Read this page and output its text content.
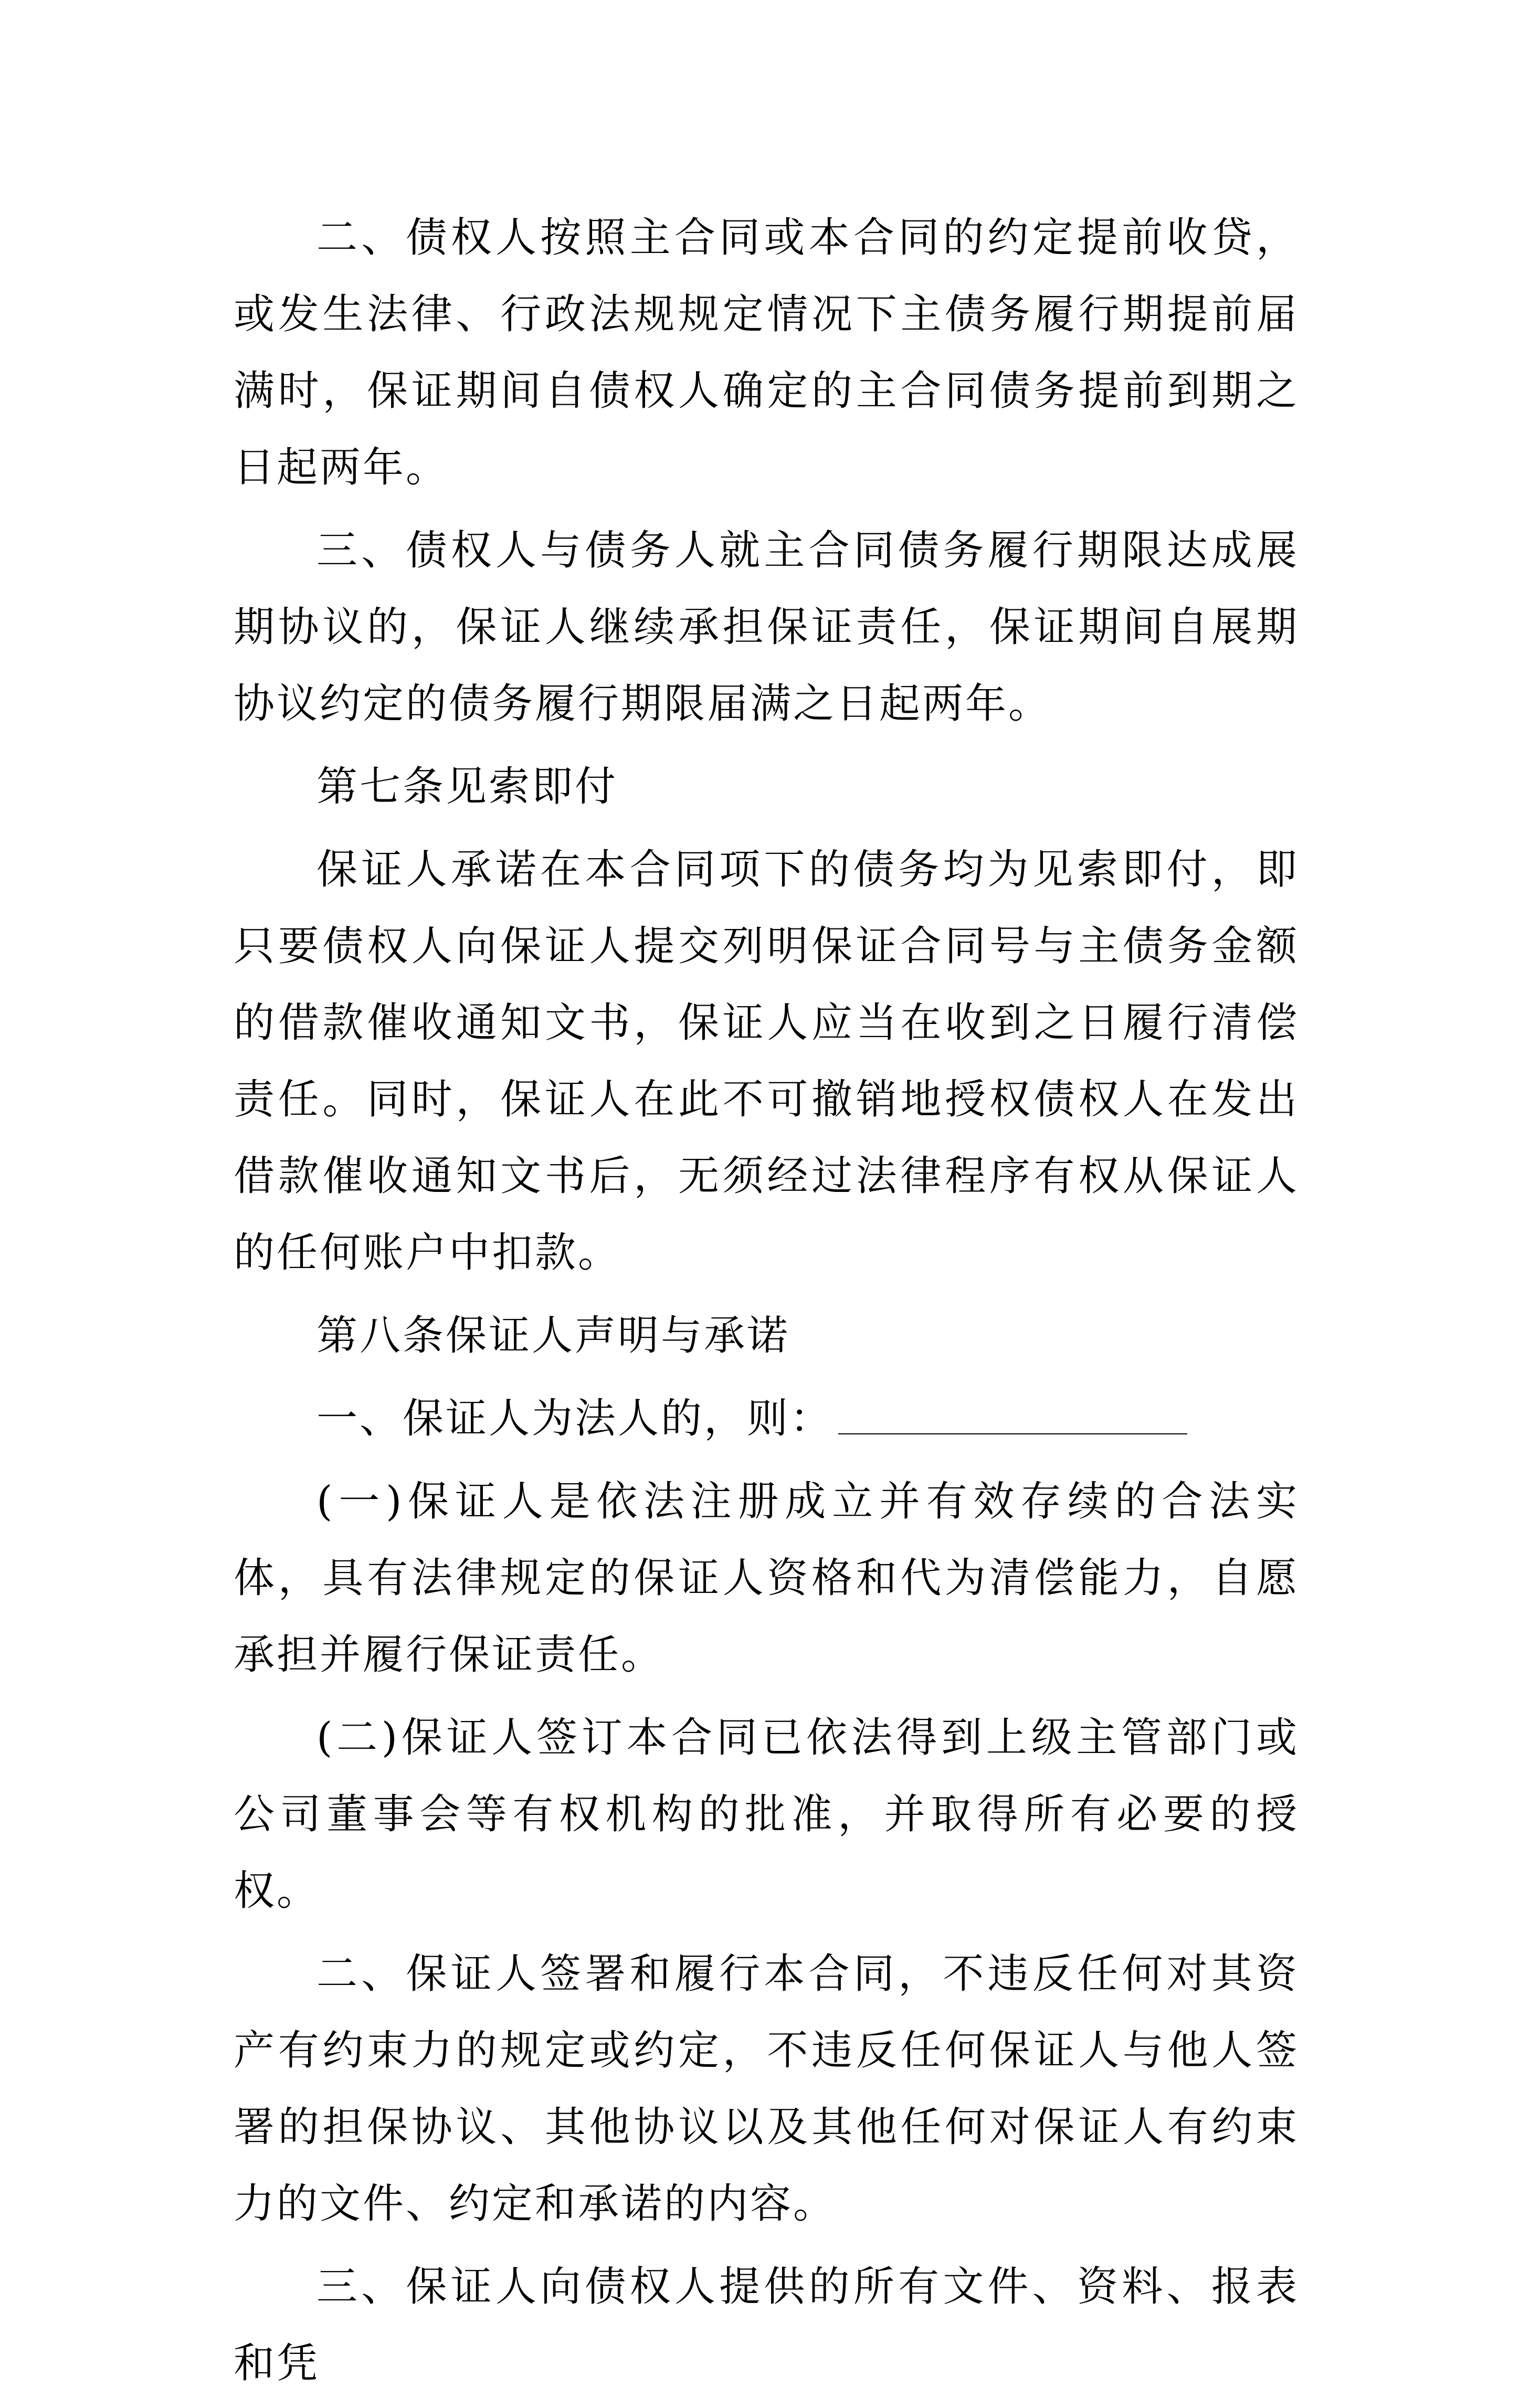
二、债权人按照主合同或本合同的约定提前收贷，或发生法律、行政法规规定情况下主债务履行期提前届满时，保证期间自债权人确定的主合同债务提前到期之日起两年。

三、债权人与债务人就主合同债务履行期限达成展期协议的，保证人继续承担保证责任，保证期间自展期协议约定的债务履行期限届满之日起两年。

第七条见索即付

保证人承诺在本合同项下的债务均为见索即付，即只要债权人向保证人提交列明保证合同号与主债务金额的借款催收通知文书，保证人应当在收到之日履行清偿责任。同时，保证人在此不可撤销地授权债权人在发出借款催收通知文书后，无须经过法律程序有权从保证人的任何账户中扣款。

第八条保证人声明与承诺

一、保证人为法人的，则：

(一)保证人是依法注册成立并有效存续的合法实体，具有法律规定的保证人资格和代为清偿能力，自愿承担并履行保证责任。

(二)保证人签订本合同已依法得到上级主管部门或公司董事会等有权机构的批准，并取得所有必要的授权。

二、保证人签署和履行本合同，不违反任何对其资产有约束力的规定或约定，不违反任何保证人与他人签署的担保协议、其他协议以及其他任何对保证人有约束力的文件、约定和承诺的内容。

三、保证人向债权人提供的所有文件、资料、报表和凭
